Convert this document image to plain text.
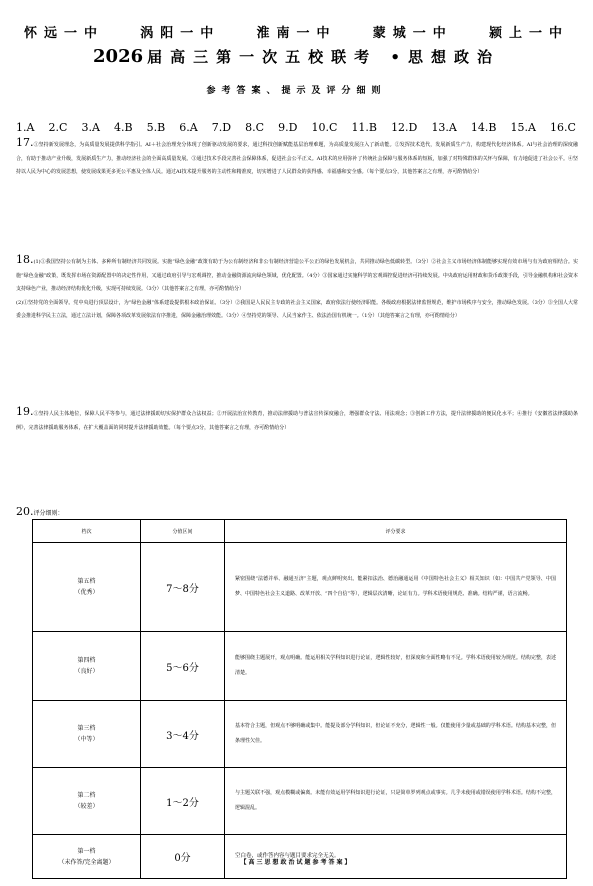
怀远一中	涡阳一中	淮南一中	蒙城一中	颍上一中
2026 届高三第一次五校联考 •思想政治
参考答案、提示及评分细则
1.A 2.C 3.A 4.B 5.B 6.A 7.D 8.C 9.D 10.C 11.B 12.D 13.A 14.B 15.A 16.C
17.①坚持新发展理念，为高质量发展提供科学指引。AI＋社会治理充分体现了创新驱动发展的要求，通过科技创新赋能基层治理难题，为高质量发展注入了新动能。②发挥技术迭代，发展新质生产力，构建现代化经济体系。AI与社会治理的深度融合，有助于推动产业升级，发展新质生产力，推动经济社会的全面高质量发展。③通过技术手段完善社会保障体系，促进社会公平正义。AI技术的应用弥补了传统社会保障与服务体系的短板，加强了对特殊群体的关怀与保障，有力地促进了社会公平。④坚持以人民为中心的发展思想，使发展成果更多更公平惠及全体人民。通过AI技术提升服务的主动性和精准度，切实增进了人民群众的获得感、幸福感和安全感。（每个要点3分，其他答案言之有理，亦可酌情给分）
18.(1)①我国坚持公有制为主体、多种所有制经济共同发展。实施“绿色金融”政策有助于为公有制经济和非公有制经济营造公平公正的绿色发展机会，共同推动绿色低碳转型。（3分）②社会主义市场经济体制能够实现有效市场与有为政府相结合。实施“绿色金融”政策，既发挥市场在资源配置中的决定性作用，又通过政府引导与宏观调控，推动金融资源流向绿色领域，优化配置。（4分）③国家通过实施科学的宏观调控促进经济可持续发展。中央政府运用财政和货币政策手段，引导金融机构和社会资本支持绿色产业，推动经济结构优化升级，实现可持续发展。（3分）（其他答案言之有理，亦可酌情给分）
(2)①坚持党的全面领导。党中央进行顶层设计，为“绿色金融”体系建设提供根本政治保证。（3分）②我国是人民民主专政的社会主义国家，政府依法行使经济职能。各级政府根据法律监督规范，维护市场秩序与安全，推动绿色发展。（3分）③全国人大常委会推进科学民主立法，通过立法计划，保障各项改革发展依法有序推进，保障金融治理效能。（3分）④坚持党的领导、人民当家作主、依法治国有机统一。（1分）（其他答案言之有理，亦可酌情给分）
19.①坚持人民主体地位，保障人民平等参与，通过法律援助切实保护群众合法权益；②开展法治宣传教育，推动法律援助与普法宣传深度融合，增强群众守法、用法观念；③创新工作方法，提升法律援助的便民化水平；④推行《安徽省法律援助条例》，完善法律援助服务体系，在扩大覆盖面的同时提升法律援助效能。（每个要点3分，其他答案言之有理，亦可酌情给分）
20.评分细则：
档次	分值区间	评分要求
第五档
（优秀）	7～8分	紧密围绕“法德并举、融通互济”主题，观点鲜明突出。能紧扣法治、德治融通运用《中国特色社会主义》相关知识（如：中国共产党领导、中国梦、中国特色社会主义道路、改革开放、“四个自信”等），逻辑层次清晰，论证有力。学科术语使用规范、准确。结构严谨，语言流畅。
第四档
（良好）	5～6分	能够围绕主题展开，观点明确。能运用相关学科知识进行论证，逻辑性较好，但深度和全面性略有不足。学科术语使用较为规范。结构完整，表述清楚。
第三档
（中等）	3～4分	基本符合主题，但观点不够明确或集中。能提及部分学科知识，但论证不充分，逻辑性一般。仅能使用少量或基础的学科术语。结构基本完整，但条理性欠佳。
第二档
（较差）	1～2分	与主题关联不强，观点模糊或偏离。未能有效运用学科知识进行论证，只是简单罗列观点或事实。几乎未使用或错误使用学科术语。结构不完整，逻辑混乱。
第一档
（未作答/完全离题）	0分	空白卷，或作答内容与题目要求完全无关。
【高三思想政治试题参考答案】
